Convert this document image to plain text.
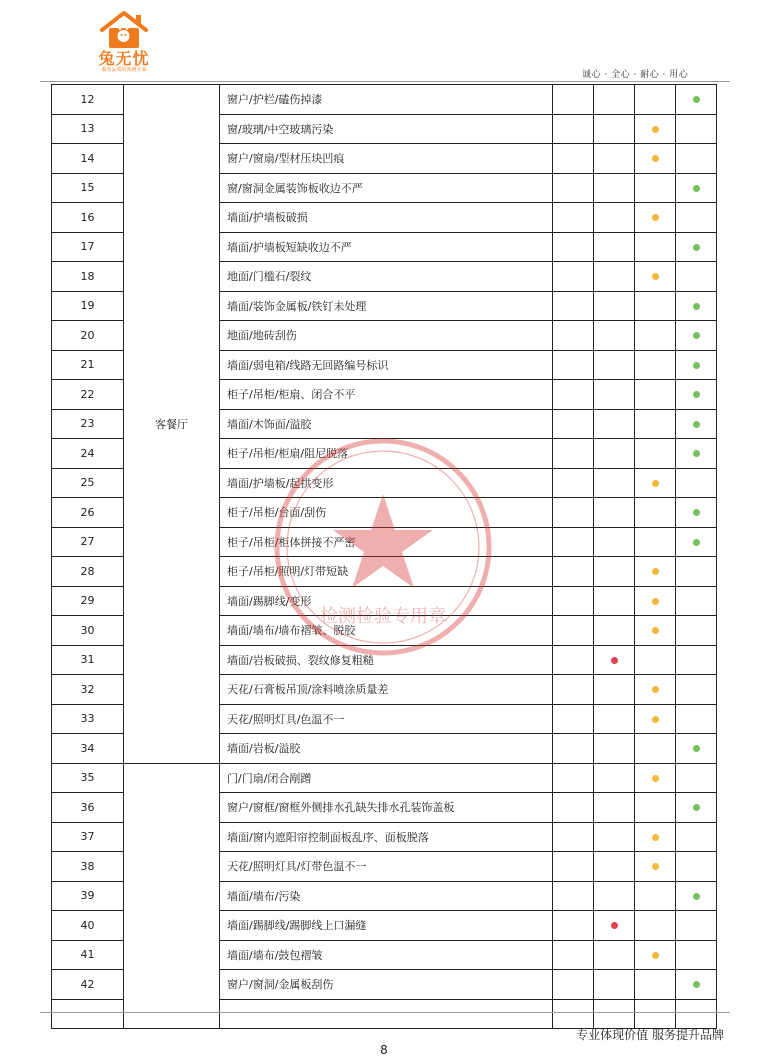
兔无忧
服务品质的领跑专家	诚心 · 全心 · 耐心 · 用心
12	客餐厅	窗户/护栏/磕伤掉漆				
13		窗/玻璃/中空玻璃污染				
14		窗户/窗扇/型材压块凹痕				
15		窗/窗洞金属装饰板收边不严				
16		墙面/护墙板破损				
17		墙面/护墙板短缺收边不严				
18		地面/门槛石/裂纹				
19		墙面/装饰金属板/铁钉未处理				
20		地面/地砖刮伤				
21		墙面/弱电箱/线路无回路编号标识				
22		柜子/吊柜/柜扇、闭合不平				
23		墙面/木饰面/溢胶				
24		柜子/吊柜/柜扇/阻尼脱落				
25		墙面/护墙板/起拱变形				
26		柜子/吊柜/台面/刮伤				
27		柜子/吊柜/柜体拼接不严密				
28		柜子/吊柜/照明/灯带短缺				
29		墙面/踢脚线/变形				
30		墙面/墙布/墙布褶皱、脱胶				
31		墙面/岩板破损、裂纹修复粗糙				
32		天花/石膏板吊顶/涂料喷涂质量差				
33		天花/照明灯具/色温不一				
34		墙面/岩板/溢胶				
35		门/门扇/闭合剐蹭				
36		窗户/窗框/窗框外侧排水孔缺失排水孔装饰盖板				
37		墙面/窗内遮阳帘控制面板乱序、面板脱落				
38		天花/照明灯具/灯带色温不一				
39		墙面/墙布/污染				
40		墙面/踢脚线/踢脚线上口漏缝				
41		墙面/墙布/鼓包褶皱				
42		窗户/窗洞/金属板刮伤				

检测检验专用章
专业体现价值 服务提升品牌
8
